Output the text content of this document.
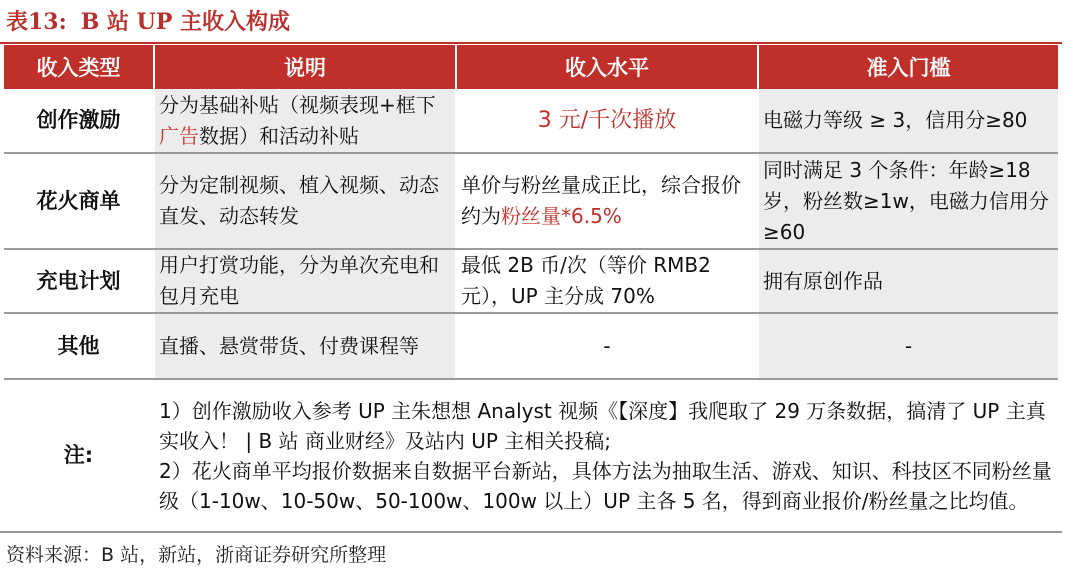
表13: B 站 UP 主收入构成
收入类型	说明	收入水平	准入门槛
创作激励	分为基础补贴（视频表现+框下广告数据）和活动补贴	3 元/千次播放	电磁力等级 ≥ 3，信用分≥80
花火商单	分为定制视频、植入视频、动态直发、动态转发	单价与粉丝量成正比，综合报价约为粉丝量*6.5%	同时满足 3 个条件：年龄≥18 岁，粉丝数≥1w，电磁力信用分≥60
充电计划	用户打赏功能，分为单次充电和包月充电	最低 2B 币/次（等价 RMB2 元），UP 主分成 70%	拥有原创作品
其他	直播、悬赏带货、付费课程等	-	-
注:	1）创作激励收入参考 UP 主朱想想 Analyst 视频《【深度】我爬取了 29 万条数据，搞清了 UP 主真实收入！ | B 站 商业财经》及站内 UP 主相关投稿;

2）花火商单平均报价数据来自数据平台新站，具体方法为抽取生活、游戏、知识、科技区不同粉丝量级（1-10w、10-50w、50-100w、100w 以上）UP 主各 5 名，得到商业报价/粉丝量之比均值。		

资料来源：B 站，新站，浙商证券研究所整理
